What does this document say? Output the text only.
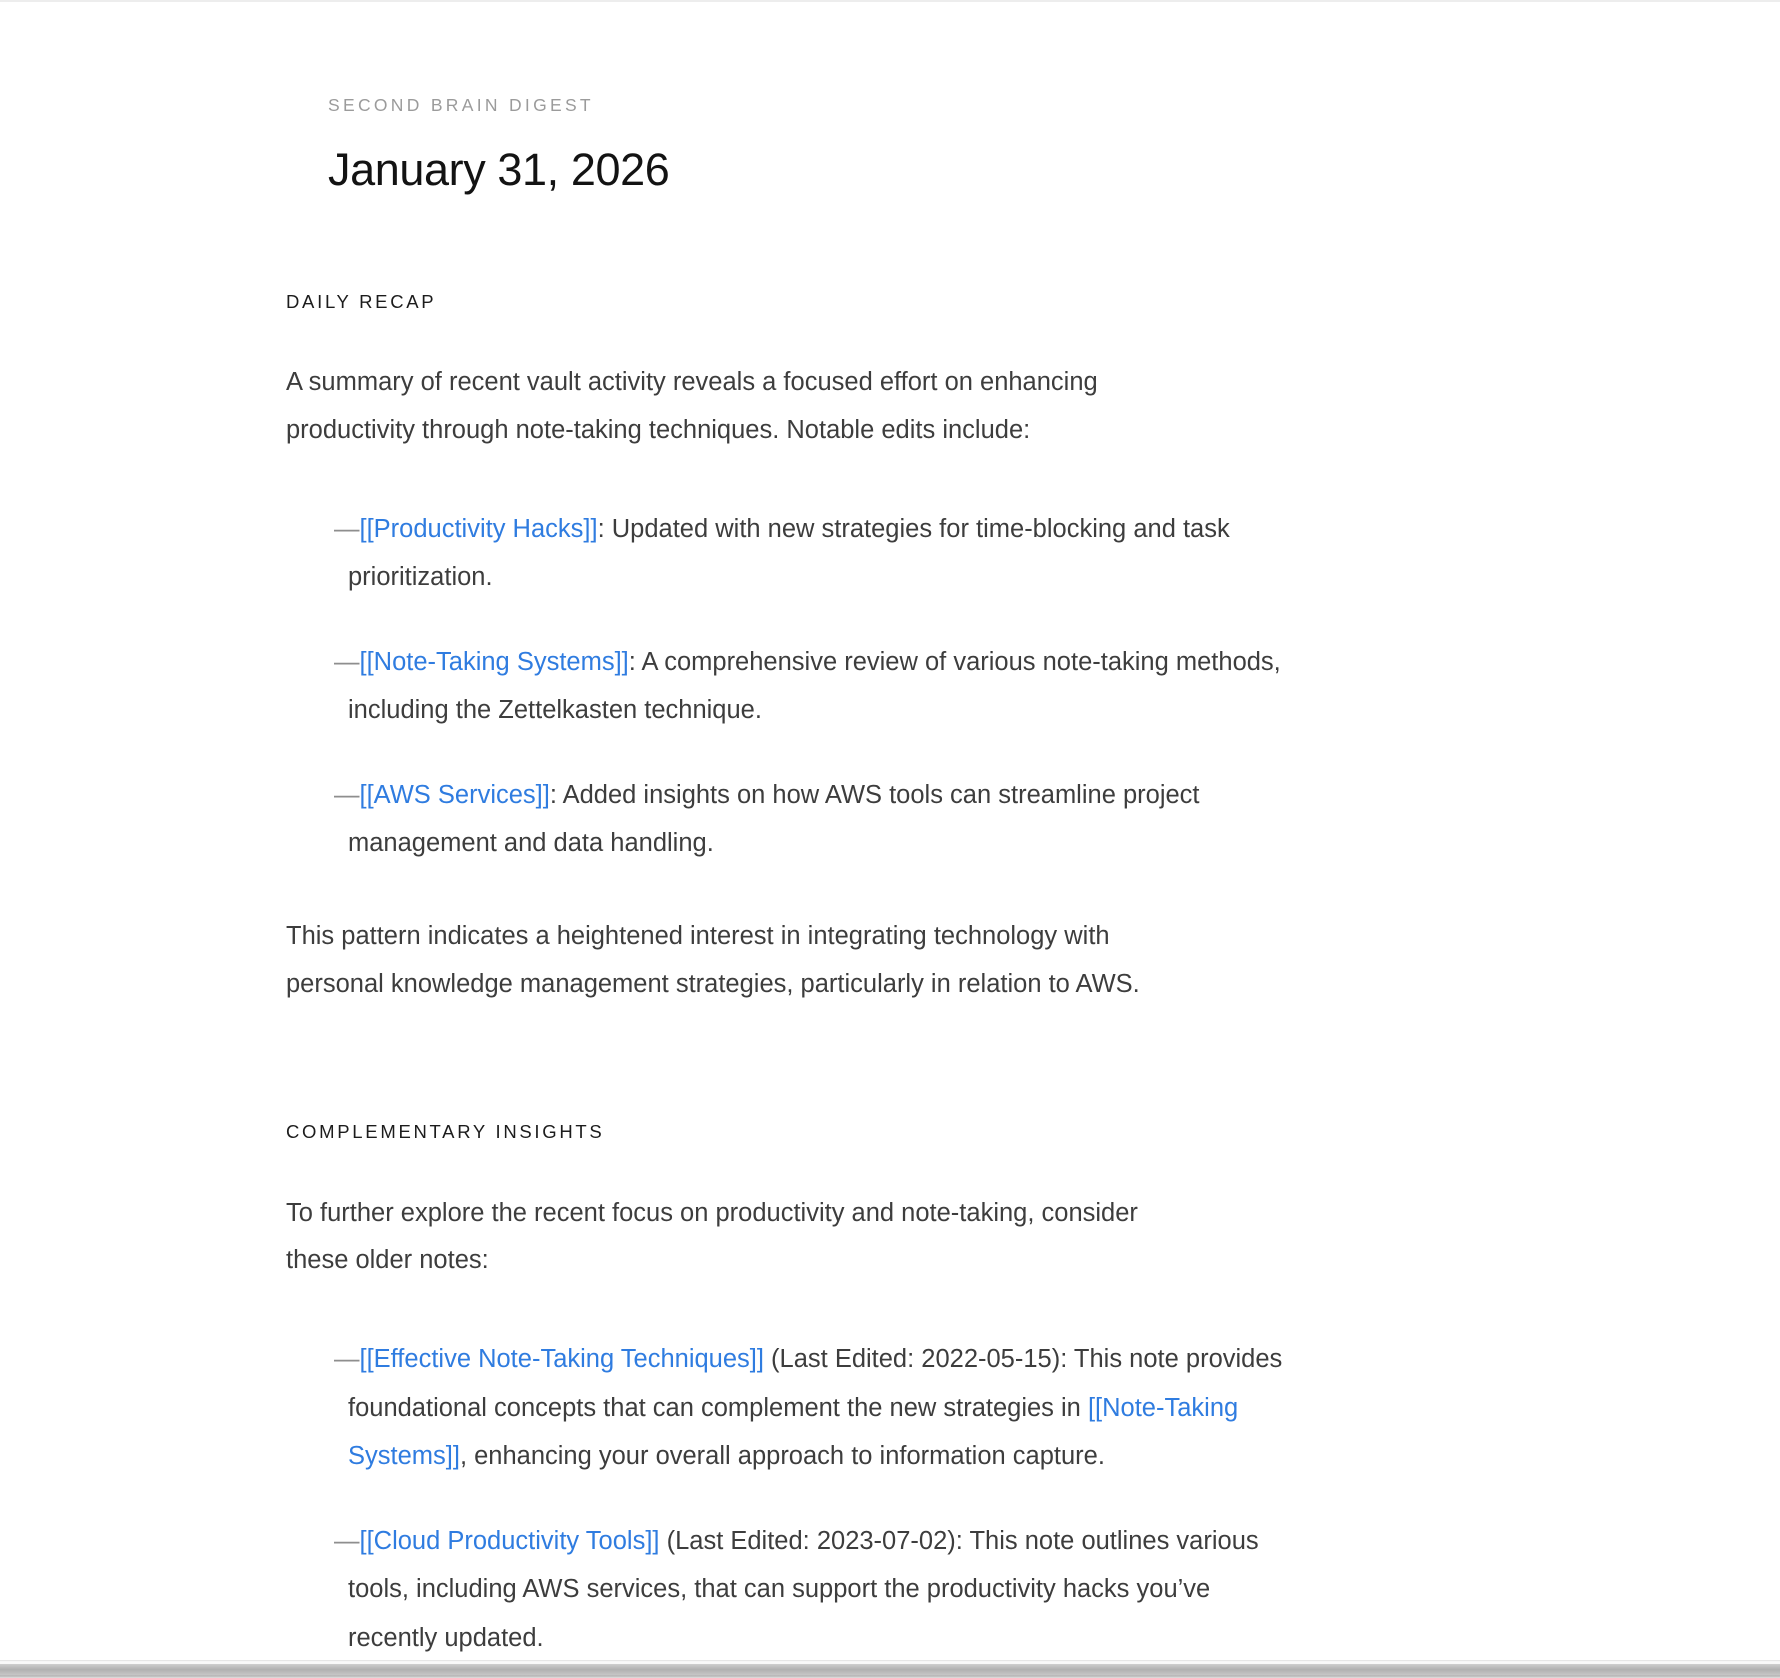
SECOND BRAIN DIGEST
January 31, 2026
DAILY RECAP

A summary of recent vault activity reveals a focused effort on enhancing productivity through note-taking techniques. Notable edits include:

—[[Productivity Hacks]]: Updated with new strategies for time-blocking and task prioritization.
—[[Note-Taking Systems]]: A comprehensive review of various note-taking methods, including the Zettelkasten technique.
—[[AWS Services]]: Added insights on how AWS tools can streamline project management and data handling.

This pattern indicates a heightened interest in integrating technology with personal knowledge management strategies, particularly in relation to AWS.

COMPLEMENTARY INSIGHTS

To further explore the recent focus on productivity and note-taking, consider these older notes:

—[[Effective Note-Taking Techniques]] (Last Edited: 2022-05-15): This note provides foundational concepts that can complement the new strategies in [[Note-Taking Systems]], enhancing your overall approach to information capture.
—[[Cloud Productivity Tools]] (Last Edited: 2023-07-02): This note outlines various tools, including AWS services, that can support the productivity hacks you’ve recently updated.
